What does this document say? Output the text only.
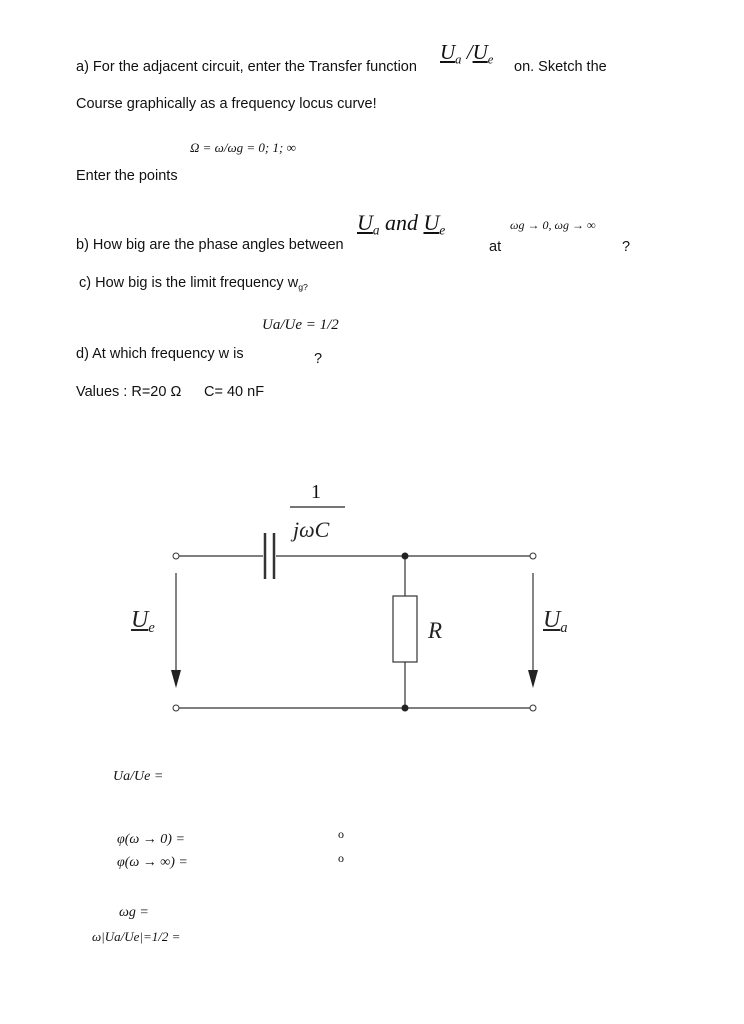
a) For the adjacent circuit, enter the Transfer function
$U_a$ $/U_e$ on. Sketch the
Course graphically as a frequency locus curve!
Ω = ω/ωg = 0; 1; ∞
Enter the points
$U_a$ and $U_e$	ωg → 0, ωg → ∞
b) How big are the phase angles between	at	?
c) How big is the limit frequency $w_{g?}$
Ua/Ue = 1/2
d) At which frequency w is	?
Values : R=20 Ω C= 40 nF
1
jωC
$U_e$	R	$U_a$
Ua/Ue =
φ(ω → 0) =	o
φ(ω → ∞) =	o
ωg =
ω|Ua/Ue|=1/2 =
